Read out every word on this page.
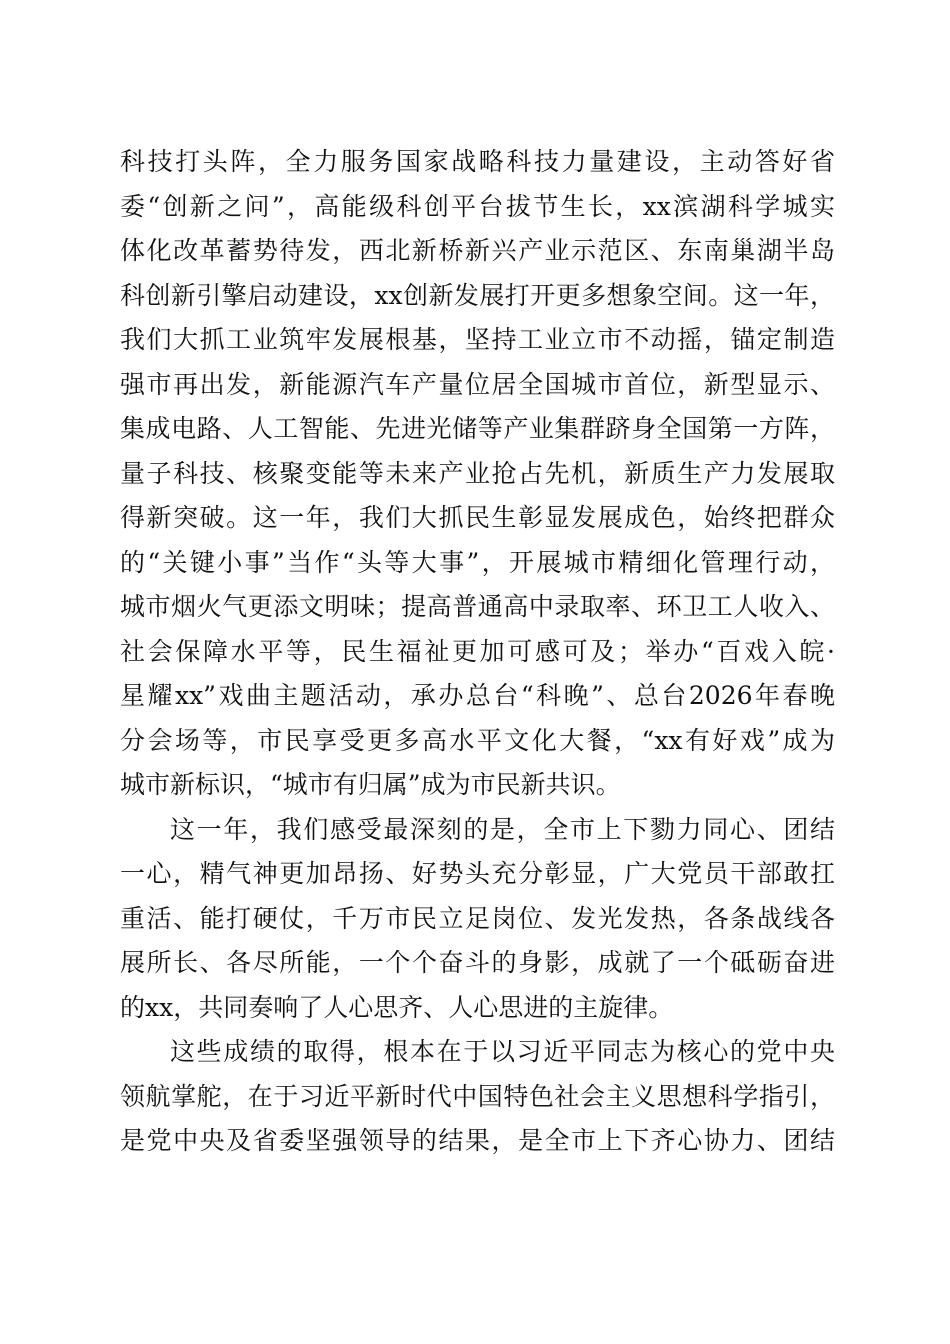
科技打头阵，全力服务国家战略科技力量建设，主动答好省
委“创新之问”，高能级科创平台拔节生长，xx滨湖科学城实
体化改革蓄势待发，西北新桥新兴产业示范区、东南巢湖半岛
科创新引擎启动建设，xx创新发展打开更多想象空间。这一年，
我们大抓工业筑牢发展根基，坚持工业立市不动摇，锚定制造
强市再出发，新能源汽车产量位居全国城市首位，新型显示、
集成电路、人工智能、先进光储等产业集群跻身全国第一方阵，
量子科技、核聚变能等未来产业抢占先机，新质生产力发展取
得新突破。这一年，我们大抓民生彰显发展成色，始终把群众
的“关键小事”当作“头等大事”，开展城市精细化管理行动，
城市烟火气更添文明味；提高普通高中录取率、环卫工人收入、
社会保障水平等，民生福祉更加可感可及；举办“百戏入皖·
星耀xx”戏曲主题活动，承办总台“科晚”、总台2026年春晚
分会场等，市民享受更多高水平文化大餐，“xx有好戏”成为
城市新标识，“城市有归属”成为市民新共识。
这一年，我们感受最深刻的是，全市上下勠力同心、团结
一心，精气神更加昂扬、好势头充分彰显，广大党员干部敢扛
重活、能打硬仗，千万市民立足岗位、发光发热，各条战线各
展所长、各尽所能，一个个奋斗的身影，成就了一个砥砺奋进
的xx，共同奏响了人心思齐、人心思进的主旋律。
这些成绩的取得，根本在于以习近平同志为核心的党中央
领航掌舵，在于习近平新时代中国特色社会主义思想科学指引，
是党中央及省委坚强领导的结果，是全市上下齐心协力、团结
